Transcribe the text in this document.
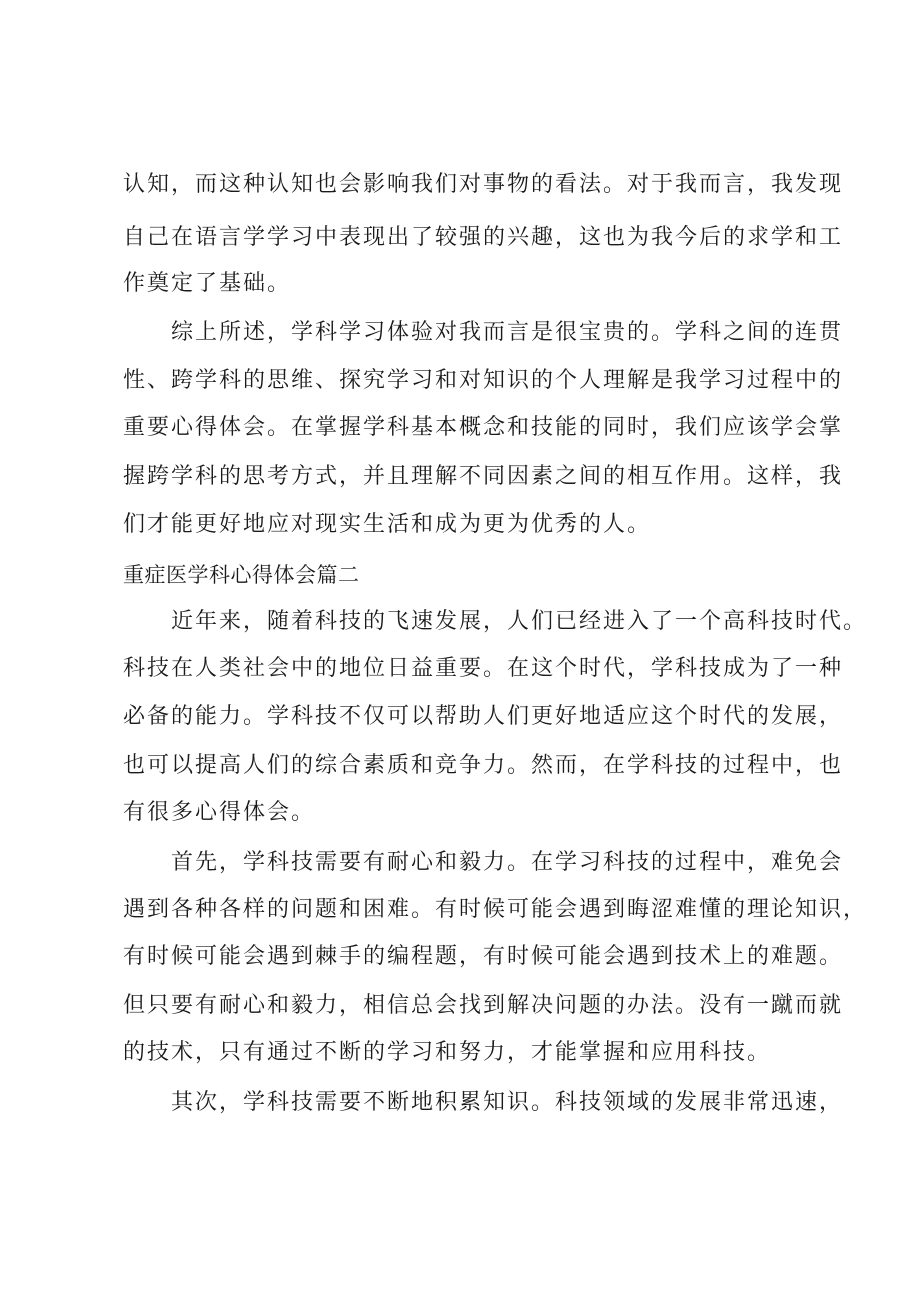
认知，而这种认知也会影响我们对事物的看法。对于我而言，我发现
自己在语言学学习中表现出了较强的兴趣，这也为我今后的求学和工
作奠定了基础。
　　综上所述，学科学习体验对我而言是很宝贵的。学科之间的连贯
性、跨学科的思维、探究学习和对知识的个人理解是我学习过程中的
重要心得体会。在掌握学科基本概念和技能的同时，我们应该学会掌
握跨学科的思考方式，并且理解不同因素之间的相互作用。这样，我
们才能更好地应对现实生活和成为更为优秀的人。
重症医学科心得体会篇二
　　近年来，随着科技的飞速发展，人们已经进入了一个高科技时代。
科技在人类社会中的地位日益重要。在这个时代，学科技成为了一种
必备的能力。学科技不仅可以帮助人们更好地适应这个时代的发展，
也可以提高人们的综合素质和竞争力。然而，在学科技的过程中，也
有很多心得体会。
　　首先，学科技需要有耐心和毅力。在学习科技的过程中，难免会
遇到各种各样的问题和困难。有时候可能会遇到晦涩难懂的理论知识，
有时候可能会遇到棘手的编程题，有时候可能会遇到技术上的难题。
但只要有耐心和毅力，相信总会找到解决问题的办法。没有一蹴而就
的技术，只有通过不断的学习和努力，才能掌握和应用科技。
　　其次，学科技需要不断地积累知识。科技领域的发展非常迅速，
